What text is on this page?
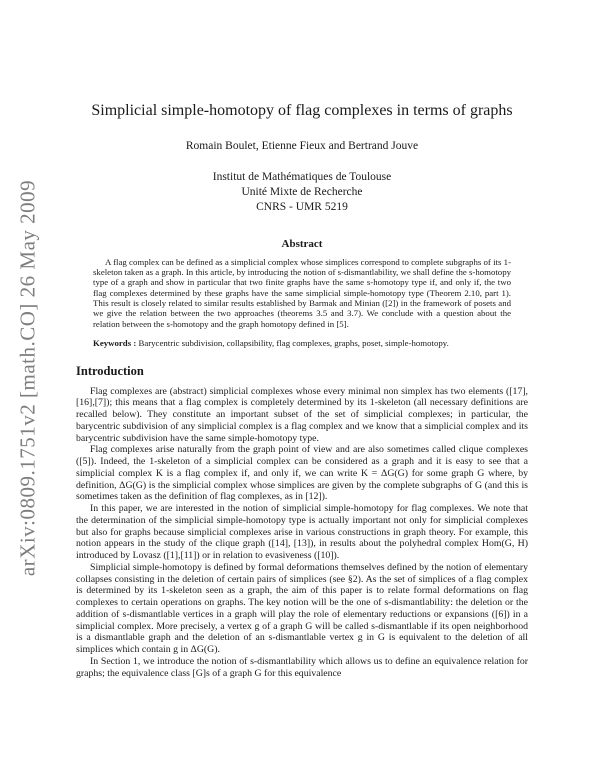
arXiv:0809.1751v2 [math.CO] 26 May 2009
Simplicial simple-homotopy of flag complexes in terms of graphs
Romain Boulet, Etienne Fieux and Bertrand Jouve
Institut de Mathématiques de Toulouse
Unité Mixte de Recherche
CNRS - UMR 5219
Abstract

A flag complex can be defined as a simplicial complex whose simplices correspond to complete subgraphs of its 1-skeleton taken as a graph. In this article, by introducing the notion of s-dismantlability, we shall define the s-homotopy type of a graph and show in particular that two finite graphs have the same s-homotopy type if, and only if, the two flag complexes determined by these graphs have the same simplicial simple-homotopy type (Theorem 2.10, part 1). This result is closely related to similar results established by Barmak and Minian ([2]) in the framework of posets and we give the relation between the two approaches (theorems 3.5 and 3.7). We conclude with a question about the relation between the s-homotopy and the graph homotopy defined in [5].

Keywords : Barycentric subdivision, collapsibility, flag complexes, graphs, poset, simple-homotopy.

Introduction

Flag complexes are (abstract) simplicial complexes whose every minimal non simplex has two elements ([17],[16],[7]); this means that a flag complex is completely determined by its 1-skeleton (all necessary definitions are recalled below). They constitute an important subset of the set of simplicial complexes; in particular, the barycentric subdivision of any simplicial complex is a flag complex and we know that a simplicial complex and its barycentric subdivision have the same simple-homotopy type.

Flag complexes arise naturally from the graph point of view and are also sometimes called clique complexes ([5]). Indeed, the 1-skeleton of a simplicial complex can be considered as a graph and it is easy to see that a simplicial complex K is a flag complex if, and only if, we can write K = ΔG(G) for some graph G where, by definition, ΔG(G) is the simplicial complex whose simplices are given by the complete subgraphs of G (and this is sometimes taken as the definition of flag complexes, as in [12]).

In this paper, we are interested in the notion of simplicial simple-homotopy for flag complexes. We note that the determination of the simplicial simple-homotopy type is actually important not only for simplicial complexes but also for graphs because simplicial complexes arise in various constructions in graph theory. For example, this notion appears in the study of the clique graph ([14], [13]), in results about the polyhedral complex Hom(G, H) introduced by Lovasz ([1],[11]) or in relation to evasiveness ([10]).

Simplicial simple-homotopy is defined by formal deformations themselves defined by the notion of elementary collapses consisting in the deletion of certain pairs of simplices (see §2). As the set of simplices of a flag complex is determined by its 1-skeleton seen as a graph, the aim of this paper is to relate formal deformations on flag complexes to certain operations on graphs. The key notion will be the one of s-dismantlability: the deletion or the addition of s-dismantlable vertices in a graph will play the role of elementary reductions or expansions ([6]) in a simplicial complex. More precisely, a vertex g of a graph G will be called s-dismantlable if its open neighborhood is a dismantlable graph and the deletion of an s-dismantlable vertex g in G is equivalent to the deletion of all simplices which contain g in ΔG(G).

In Section 1, we introduce the notion of s-dismantlability which allows us to define an equivalence relation for graphs; the equivalence class [G]s of a graph G for this equivalence
